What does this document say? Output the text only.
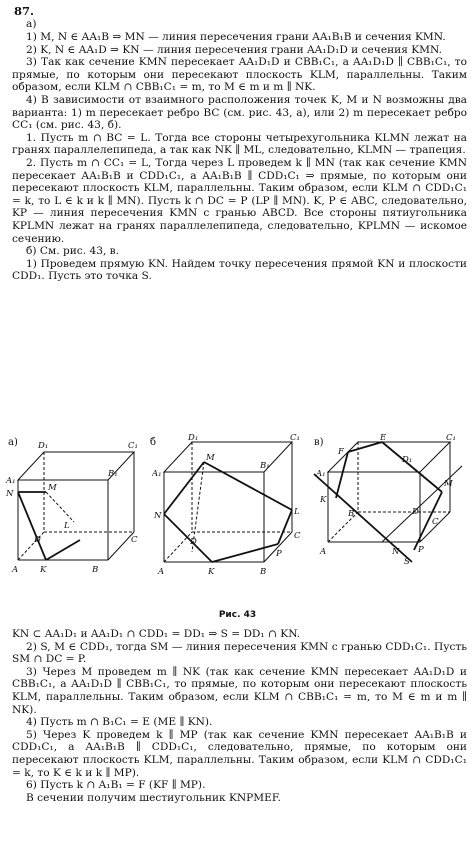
87.
а)

1) M, N ∈ AA₁B ⇒ MN — линия пересечения грани AA₁B₁B и сечения KMN.

2) K, N ∈ AA₁D ⇒ KN — линия пересечения грани AA₁D₁D и сечения KMN.

3) Так как сечение KMN пересекает AA₁D₁D и CBB₁C₁, а AA₁D₁D ∥ CBB₁C₁, то прямые, по которым они пересекают плоскость KLM, параллельны. Таким образом, если KLM ∩ CBB₁C₁ = m, то M ∈ m и m ∥ NK.

4) В зависимости от взаимного расположения точек K, M и N возможны два варианта: 1) m пересекает ребро BC (см. рис. 43, а), или 2) m пересекает ребро CC₁ (см. рис. 43, б).

1. Пусть m ∩ BC = L. Тогда все стороны четырехугольника KLMN лежат на гранях параллелепипеда, а так как NK ∥ ML, следовательно, KLMN — трапеция.

2. Пусть m ∩ CC₁ = L, Тогда через L проведем k ∥ MN (так как сечение KMN пересекает AA₁B₁B и CDD₁C₁, а AA₁B₁B ∥ CDD₁C₁ ⇒ прямые, по которым они пересекают плоскость KLM, параллельны. Таким образом, если KLM ∩ CDD₁C₁ = k, то L ∈ k и k ∥ MN). Пусть k ∩ DC = P (LP ∥ MN). K, P ∈ ABC, следовательно, KP — линия пересечения KMN с гранью ABCD. Все стороны пятиугольника KPLMN лежат на гранях параллелепипеда, следовательно, KPLMN — искомое сечению.

б) См. рис. 43, в.

1) Проведем прямую KN. Найдем точку пересечения прямой KN и плоскости CDD₁. Пусть это точка S.

а)	б	в)
A₁
B₁
C₁
D₁
N
M
L
A	K	B
D	C
A₁
B₁
C₁
D₁
M
N	L
P
A	K	B
D
C
A₁
F
E	C₁
D₁
M
K
B	D
C
A	N
S
P
Рис. 43

KN ⊂ AA₁D₁ и AA₁D₁ ∩ CDD₁ = DD₁ ⇒ S = DD₁ ∩ KN.

2) S, M ∈ CDD₁, тогда SM — линия пересечения KMN с гранью CDD₁C₁. Пусть SM ∩ DC = P.

3) Через M проведем m ∥ NK (так как сечение KMN пересекает AA₁D₁D и CBB₁C₁, а AA₁D₁D ∥ CBB₁C₁, то прямые, по которым они пересекают плоскость KLM, параллельны. Таким образом, если KLM ∩ CBB₁C₁ = m, то M ∈ m и m ∥ NK).

4) Пусть m ∩ B₁C₁ = E (ME ∥ KN).

5) Через K проведем k ∥ MP (так как сечение KMN пересекает AA₁B₁B и CDD₁C₁, а AA₁B₁B ∥ CDD₁C₁, следовательно, прямые, по которым они пересекают плоскость KLM, параллельны. Таким образом, если KLM ∩ CDD₁C₁ = k, то K ∈ k и k ∥ MP).

6) Пусть k ∩ A₁B₁ = F (KF ∥ MP).

В сечении получим шестиугольник KNPMEF.
